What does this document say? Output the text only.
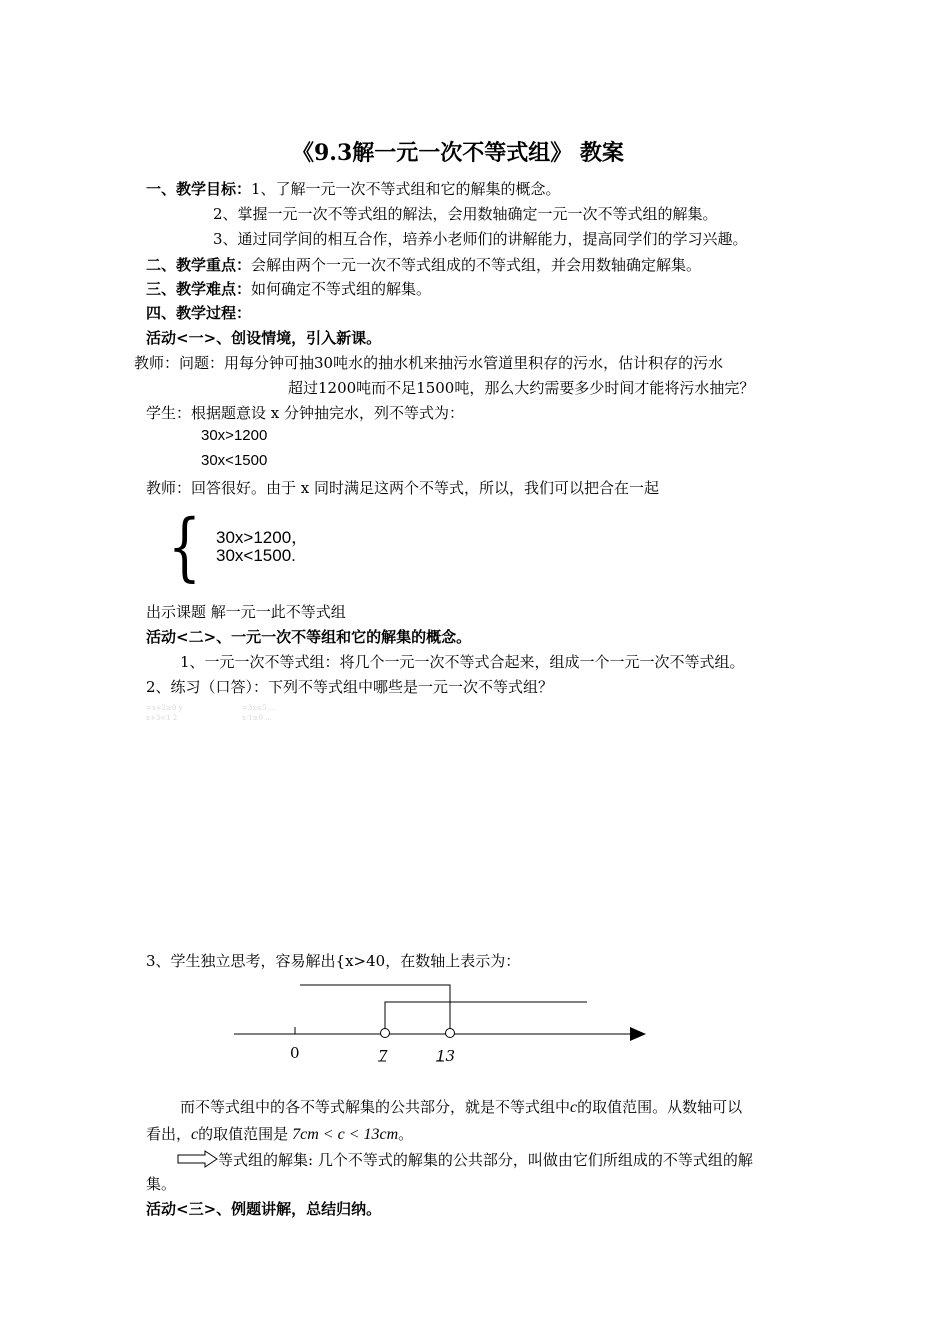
《9.3解一元一次不等式组》 教案
一、教学目标：1、了解一元一次不等式组和它的解集的概念。
2、掌握一元一次不等式组的解法，会用数轴确定一元一次不等式组的解集。
3、通过同学间的相互合作，培养小老师们的讲解能力，提高同学们的学习兴趣。
二、教学重点：会解由两个一元一次不等式组成的不等式组，并会用数轴确定解集。
三、教学难点：如何确定不等式组的解集。
四、教学过程：
活动<一>、创设情境，引入新课。
教师：问题：用每分钟可抽30吨水的抽水机来抽污水管道里积存的污水，估计积存的污水
超过1200吨而不足1500吨，那么大约需要多少时间才能将污水抽完？
学生：根据题意设 x 分钟抽完水，列不等式为：
30x>1200
30x<1500
教师：回答很好。由于 x 同时满足这两个不等式，所以，我们可以把合在一起
{ 30x>1200，
30x<1500.
出示课题 解一元一此不等式组
活动<二>、一元一次不等组和它的解集的概念。
1、一元一次不等式组：将几个一元一次不等式合起来，组成一个一元一次不等式组。
2、练习（口答）：下列不等式组中哪些是一元一次不等式组？
=x+2≥0 y
x+3<1 2
=3x≤5 ...
x-1≥0 ...
3、学生独立思考，容易解出{x>40，在数轴上表示为：
0	7	13
而不等式组中的各不等式解集的公共部分，就是不等式组中c的取值范围。从数轴可以
看出，c的取值范围是 7cm < c < 13cm。
等式组的解集: 几个不等式的解集的公共部分，叫做由它们所组成的不等式组的解
集。
活动<三>、例题讲解，总结归纳。
